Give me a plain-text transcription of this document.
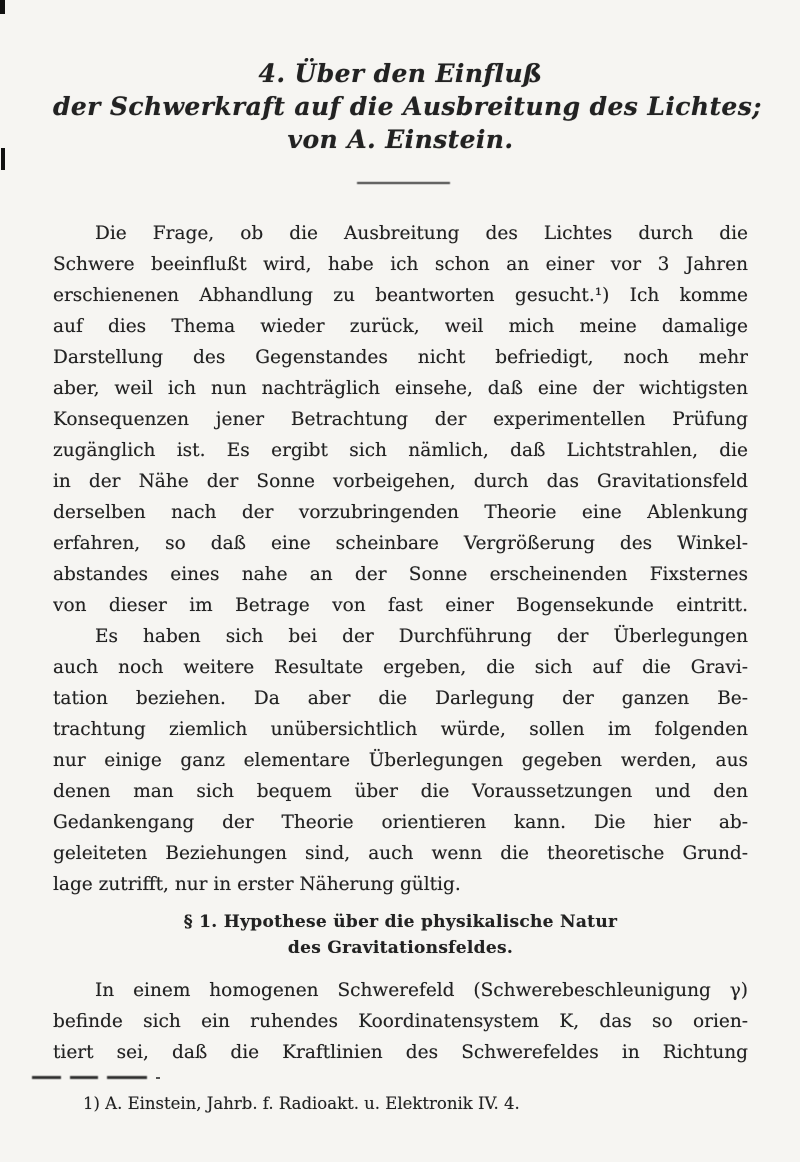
4. Über den Einfluß
der Schwerkraft auf die Ausbreitung des Lichtes;
von A. Einstein.
Die Frage, ob die Ausbreitung des Lichtes durch die
Schwere beeinflußt wird, habe ich schon an einer vor 3 Jahren
erschienenen Abhandlung zu beantworten gesucht.¹) Ich komme
auf dies Thema wieder zurück, weil mich meine damalige
Darstellung des Gegenstandes nicht befriedigt, noch mehr
aber, weil ich nun nachträglich einsehe, daß eine der wichtigsten
Konsequenzen jener Betrachtung der experimentellen Prüfung
zugänglich ist. Es ergibt sich nämlich, daß Lichtstrahlen, die
in der Nähe der Sonne vorbeigehen, durch das Gravitationsfeld
derselben nach der vorzubringenden Theorie eine Ablenkung
erfahren, so daß eine scheinbare Vergrößerung des Winkel-
abstandes eines nahe an der Sonne erscheinenden Fixsternes
von dieser im Betrage von fast einer Bogensekunde eintritt.
Es haben sich bei der Durchführung der Überlegungen
auch noch weitere Resultate ergeben, die sich auf die Gravi-
tation beziehen. Da aber die Darlegung der ganzen Be-
trachtung ziemlich unübersichtlich würde, sollen im folgenden
nur einige ganz elementare Überlegungen gegeben werden, aus
denen man sich bequem über die Voraussetzungen und den
Gedankengang der Theorie orientieren kann. Die hier ab-
geleiteten Beziehungen sind, auch wenn die theoretische Grund-
lage zutrifft, nur in erster Näherung gültig.
§ 1. Hypothese über die physikalische Natur
des Gravitationsfeldes.
In einem homogenen Schwerefeld (Schwerebeschleunigung γ)
befinde sich ein ruhendes Koordinatensystem K, das so orien-
tiert sei, daß die Kraftlinien des Schwerefeldes in Richtung
1) A. Einstein, Jahrb. f. Radioakt. u. Elektronik IV. 4.
